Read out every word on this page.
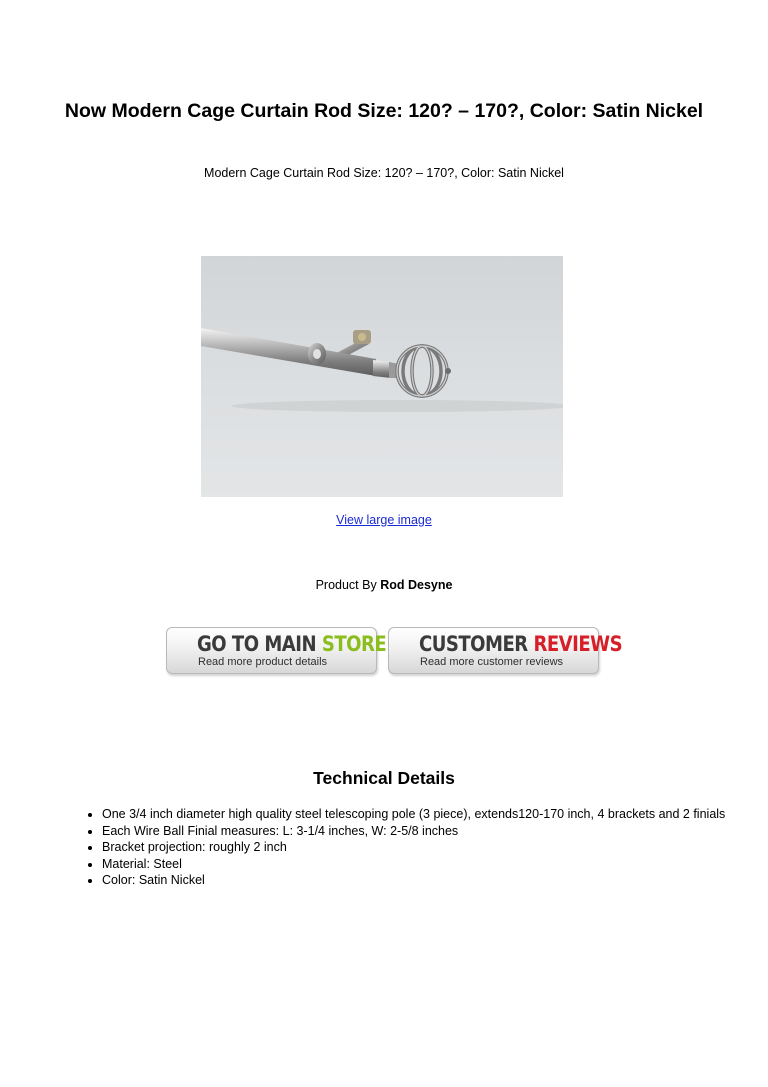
Now Modern Cage Curtain Rod Size: 120? – 170?, Color: Satin Nickel
Modern Cage Curtain Rod Size: 120? – 170?, Color: Satin Nickel
View large image
Product By Rod Desyne
GO TO MAIN STORE
Read more product details
CUSTOMER REVIEWS
Read more customer reviews
Technical Details
• One 3/4 inch diameter high quality steel telescoping pole (3 piece), extends120-170 inch, 4 brackets and 2 finials
• Each Wire Ball Finial measures: L: 3-1/4 inches, W: 2-5/8 inches
• Bracket projection: roughly 2 inch
• Material: Steel
• Color: Satin Nickel
